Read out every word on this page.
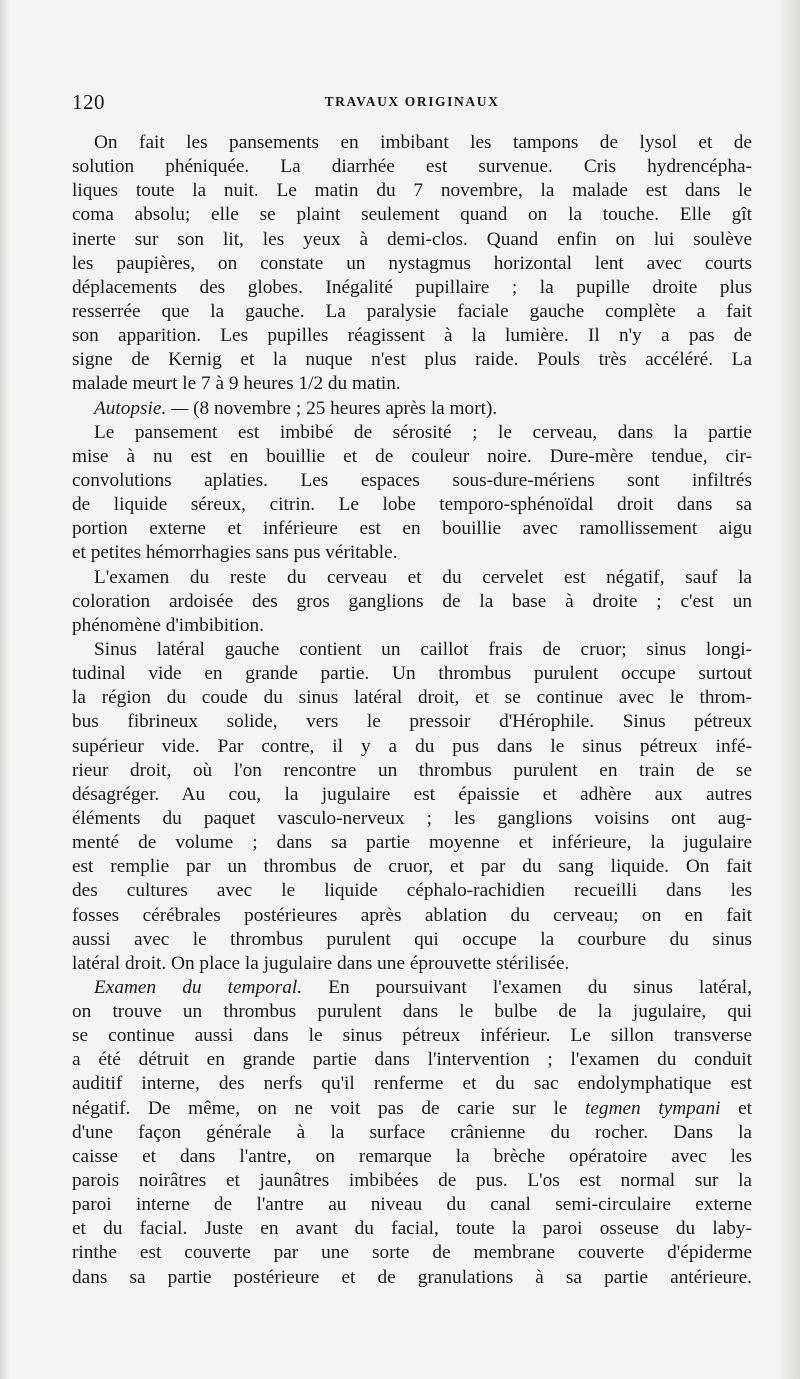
120	TRAVAUX ORIGINAUX
On fait les pansements en imbibant les tampons de lysol et de
solution phéniquée. La diarrhée est survenue. Cris hydrencépha-
liques toute la nuit. Le matin du 7 novembre, la malade est dans le
coma absolu; elle se plaint seulement quand on la touche. Elle gît
inerte sur son lit, les yeux à demi-clos. Quand enfin on lui soulève
les paupières, on constate un nystagmus horizontal lent avec courts
déplacements des globes. Inégalité pupillaire ; la pupille droite plus
resserrée que la gauche. La paralysie faciale gauche complète a fait
son apparition. Les pupilles réagissent à la lumière. Il n'y a pas de
signe de Kernig et la nuque n'est plus raide. Pouls très accéléré. La
malade meurt le 7 à 9 heures 1/2 du matin.
Autopsie. — (8 novembre ; 25 heures après la mort).
Le pansement est imbibé de sérosité ; le cerveau, dans la partie
mise à nu est en bouillie et de couleur noire. Dure-mère tendue, cir-
convolutions aplaties. Les espaces sous-dure-mériens sont infiltrés
de liquide séreux, citrin. Le lobe temporo-sphénoïdal droit dans sa
portion externe et inférieure est en bouillie avec ramollissement aigu
et petites hémorrhagies sans pus véritable.
L'examen du reste du cerveau et du cervelet est négatif, sauf la
coloration ardoisée des gros ganglions de la base à droite ; c'est un
phénomène d'imbibition.
Sinus latéral gauche contient un caillot frais de cruor; sinus longi-
tudinal vide en grande partie. Un thrombus purulent occupe surtout
la région du coude du sinus latéral droit, et se continue avec le throm-
bus fibrineux solide, vers le pressoir d'Hérophile. Sinus pétreux
supérieur vide. Par contre, il y a du pus dans le sinus pétreux infé-
rieur droit, où l'on rencontre un thrombus purulent en train de se
désagréger. Au cou, la jugulaire est épaissie et adhère aux autres
éléments du paquet vasculo-nerveux ; les ganglions voisins ont aug-
menté de volume ; dans sa partie moyenne et inférieure, la jugulaire
est remplie par un thrombus de cruor, et par du sang liquide. On fait
des cultures avec le liquide céphalo-rachidien recueilli dans les
fosses cérébrales postérieures après ablation du cerveau; on en fait
aussi avec le thrombus purulent qui occupe la courbure du sinus
latéral droit. On place la jugulaire dans une éprouvette stérilisée.
Examen du temporal. En poursuivant l'examen du sinus latéral,
on trouve un thrombus purulent dans le bulbe de la jugulaire, qui
se continue aussi dans le sinus pétreux inférieur. Le sillon transverse
a été détruit en grande partie dans l'intervention ; l'examen du conduit
auditif interne, des nerfs qu'il renferme et du sac endolymphatique est
négatif. De même, on ne voit pas de carie sur le tegmen tympani et
d'une façon générale à la surface crânienne du rocher. Dans la
caisse et dans l'antre, on remarque la brèche opératoire avec les
parois noirâtres et jaunâtres imbibées de pus. L'os est normal sur la
paroi interne de l'antre au niveau du canal semi-circulaire externe
et du facial. Juste en avant du facial, toute la paroi osseuse du laby-
rinthe est couverte par une sorte de membrane couverte d'épiderme
dans sa partie postérieure et de granulations à sa partie antérieure.
